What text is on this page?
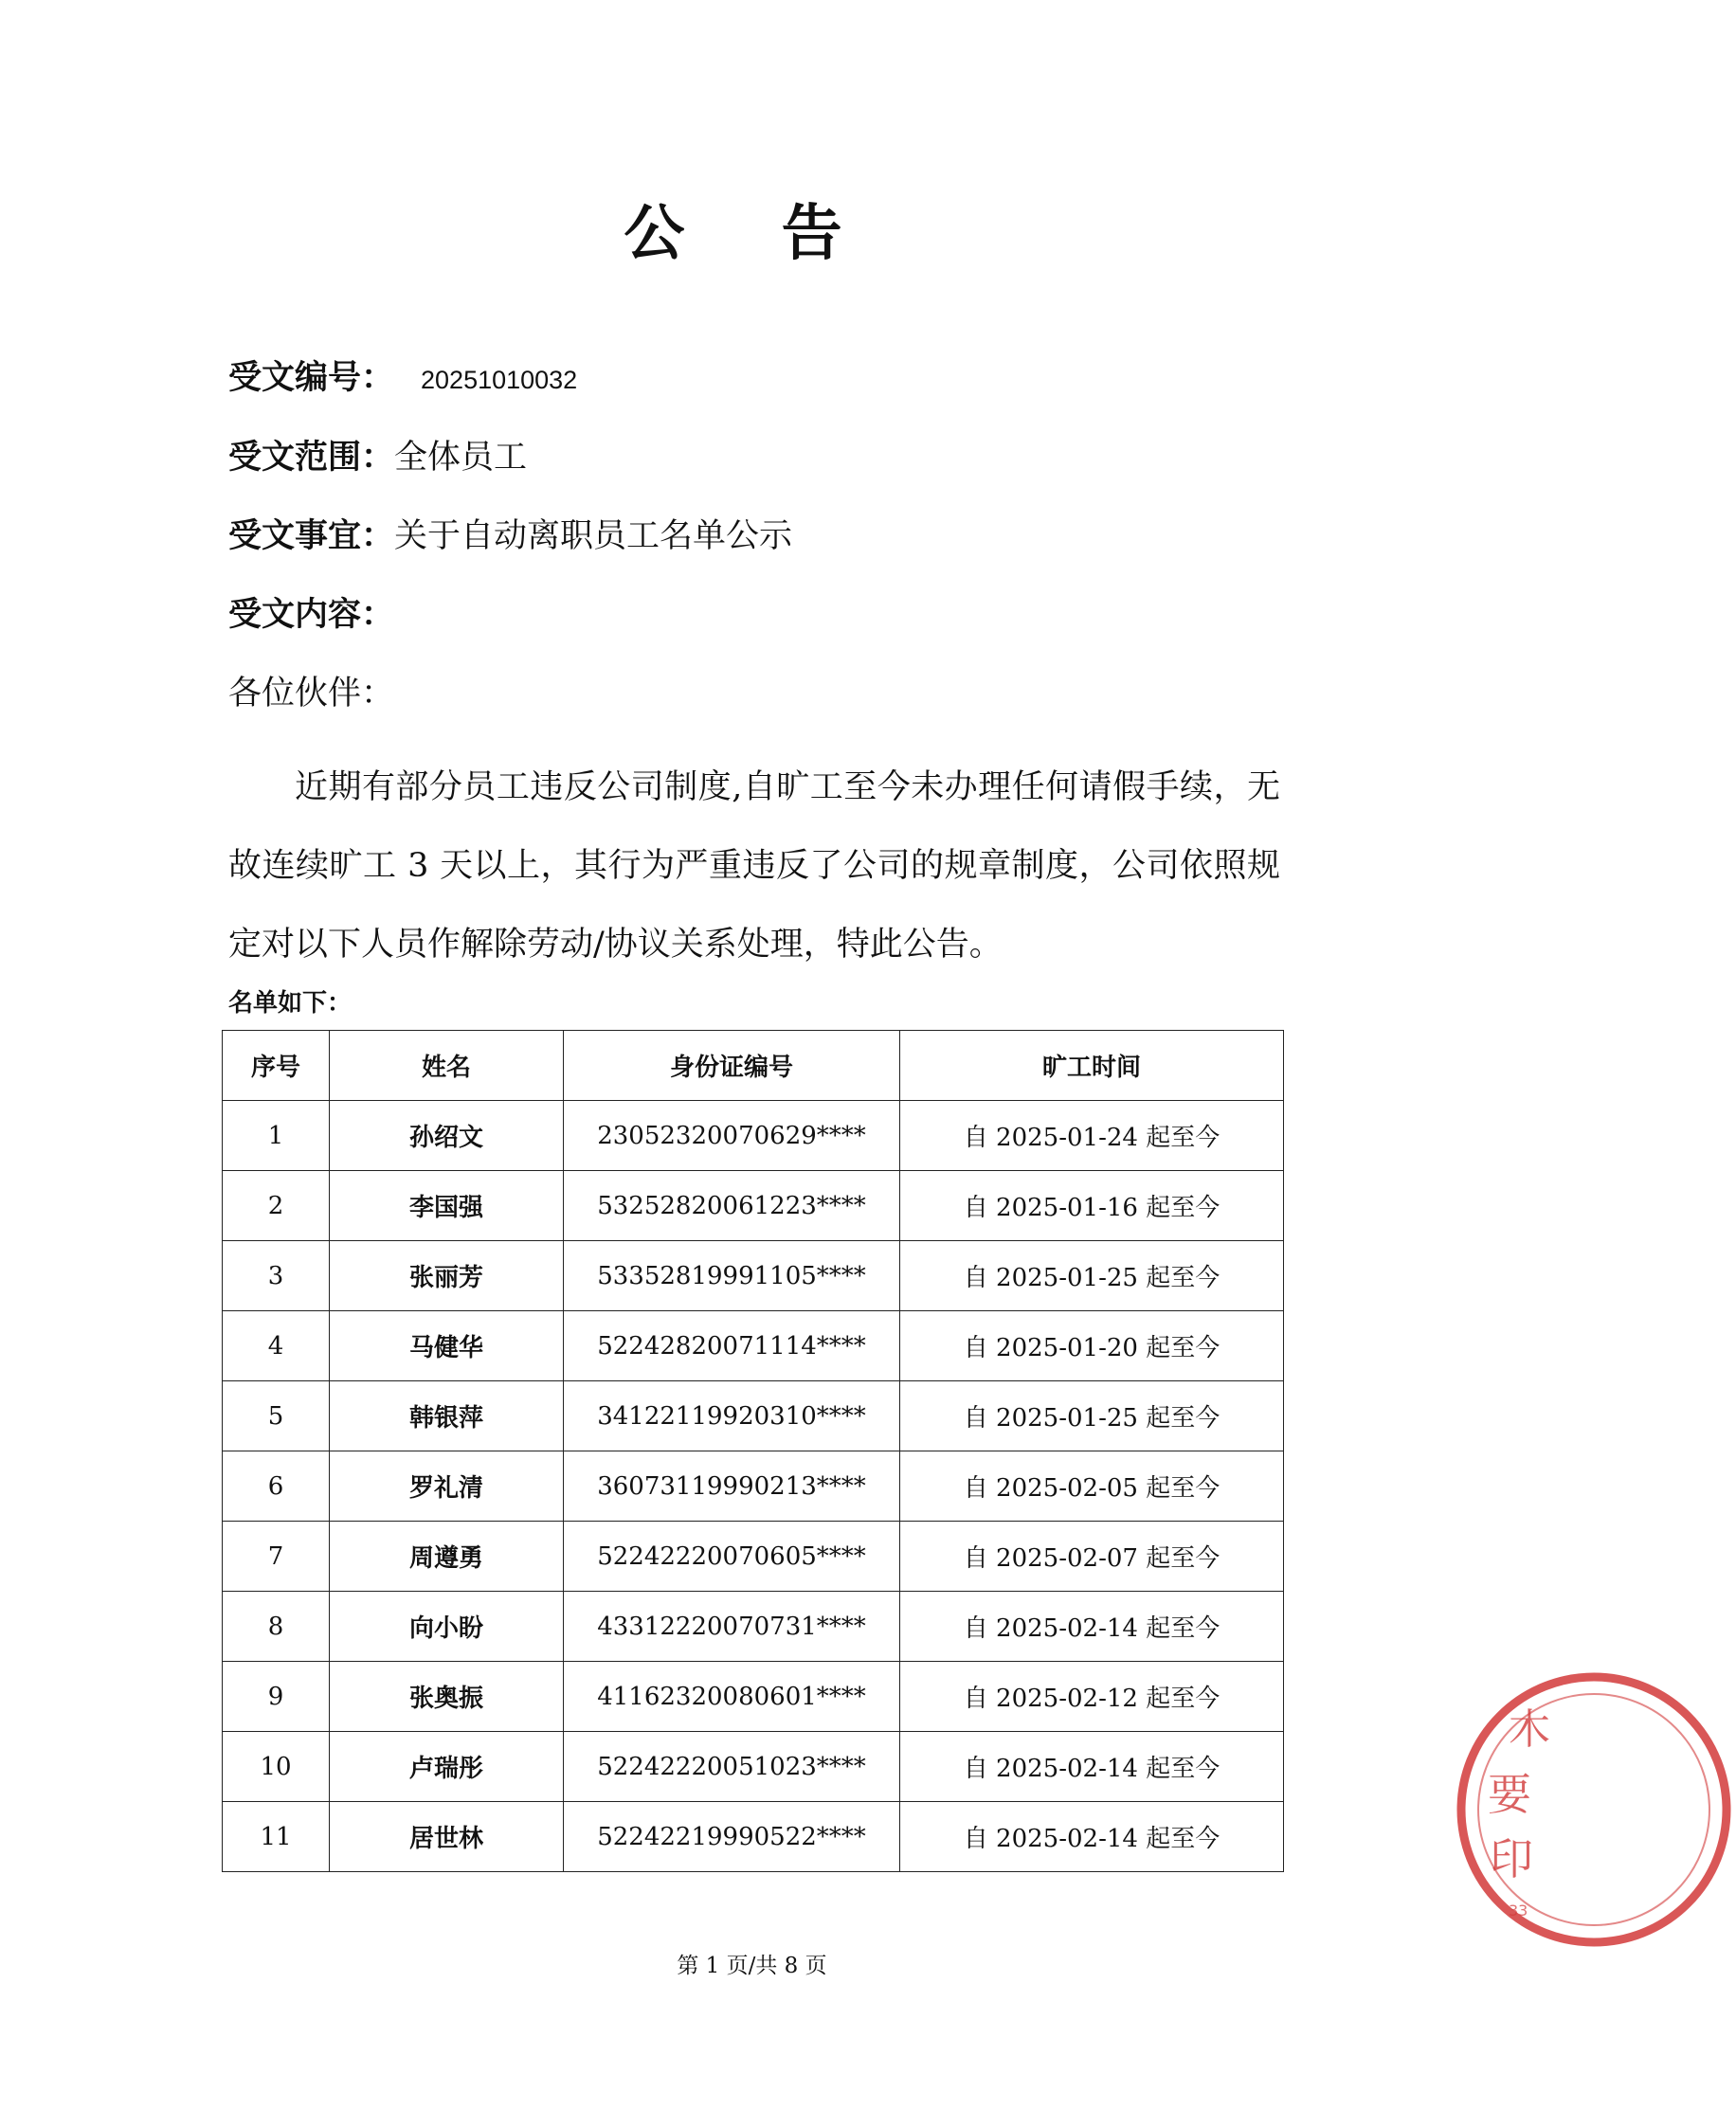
公 告
受文编号： 20251010032
受文范围：全体员工
受文事宜：关于自动离职员工名单公示
受文内容：
各位伙伴：
近期有部分员工违反公司制度,自旷工至今未办理任何请假手续，无故连续旷工 3 天以上，其行为严重违反了公司的规章制度，公司依照规定对以下人员作解除劳动/协议关系处理，特此公告。
名单如下：
序号	姓名	身份证编号	旷工时间
1	孙绍文	23052320070629****	自 2025-01-24 起至今
2	李国强	53252820061223****	自 2025-01-16 起至今
3	张丽芳	53352819991105****	自 2025-01-25 起至今
4	马健华	52242820071114****	自 2025-01-20 起至今
5	韩银萍	34122119920310****	自 2025-01-25 起至今
6	罗礼清	36073119990213****	自 2025-02-05 起至今
7	周遵勇	52242220070605****	自 2025-02-07 起至今
8	向小盼	43312220070731****	自 2025-02-14 起至今
9	张奥振	41162320080601****	自 2025-02-12 起至今
10	卢瑞彤	52242220051023****	自 2025-02-14 起至今
11	居世林	52242219990522****	自 2025-02-14 起至今
第 1 页/共 8 页
木
要
印
33
